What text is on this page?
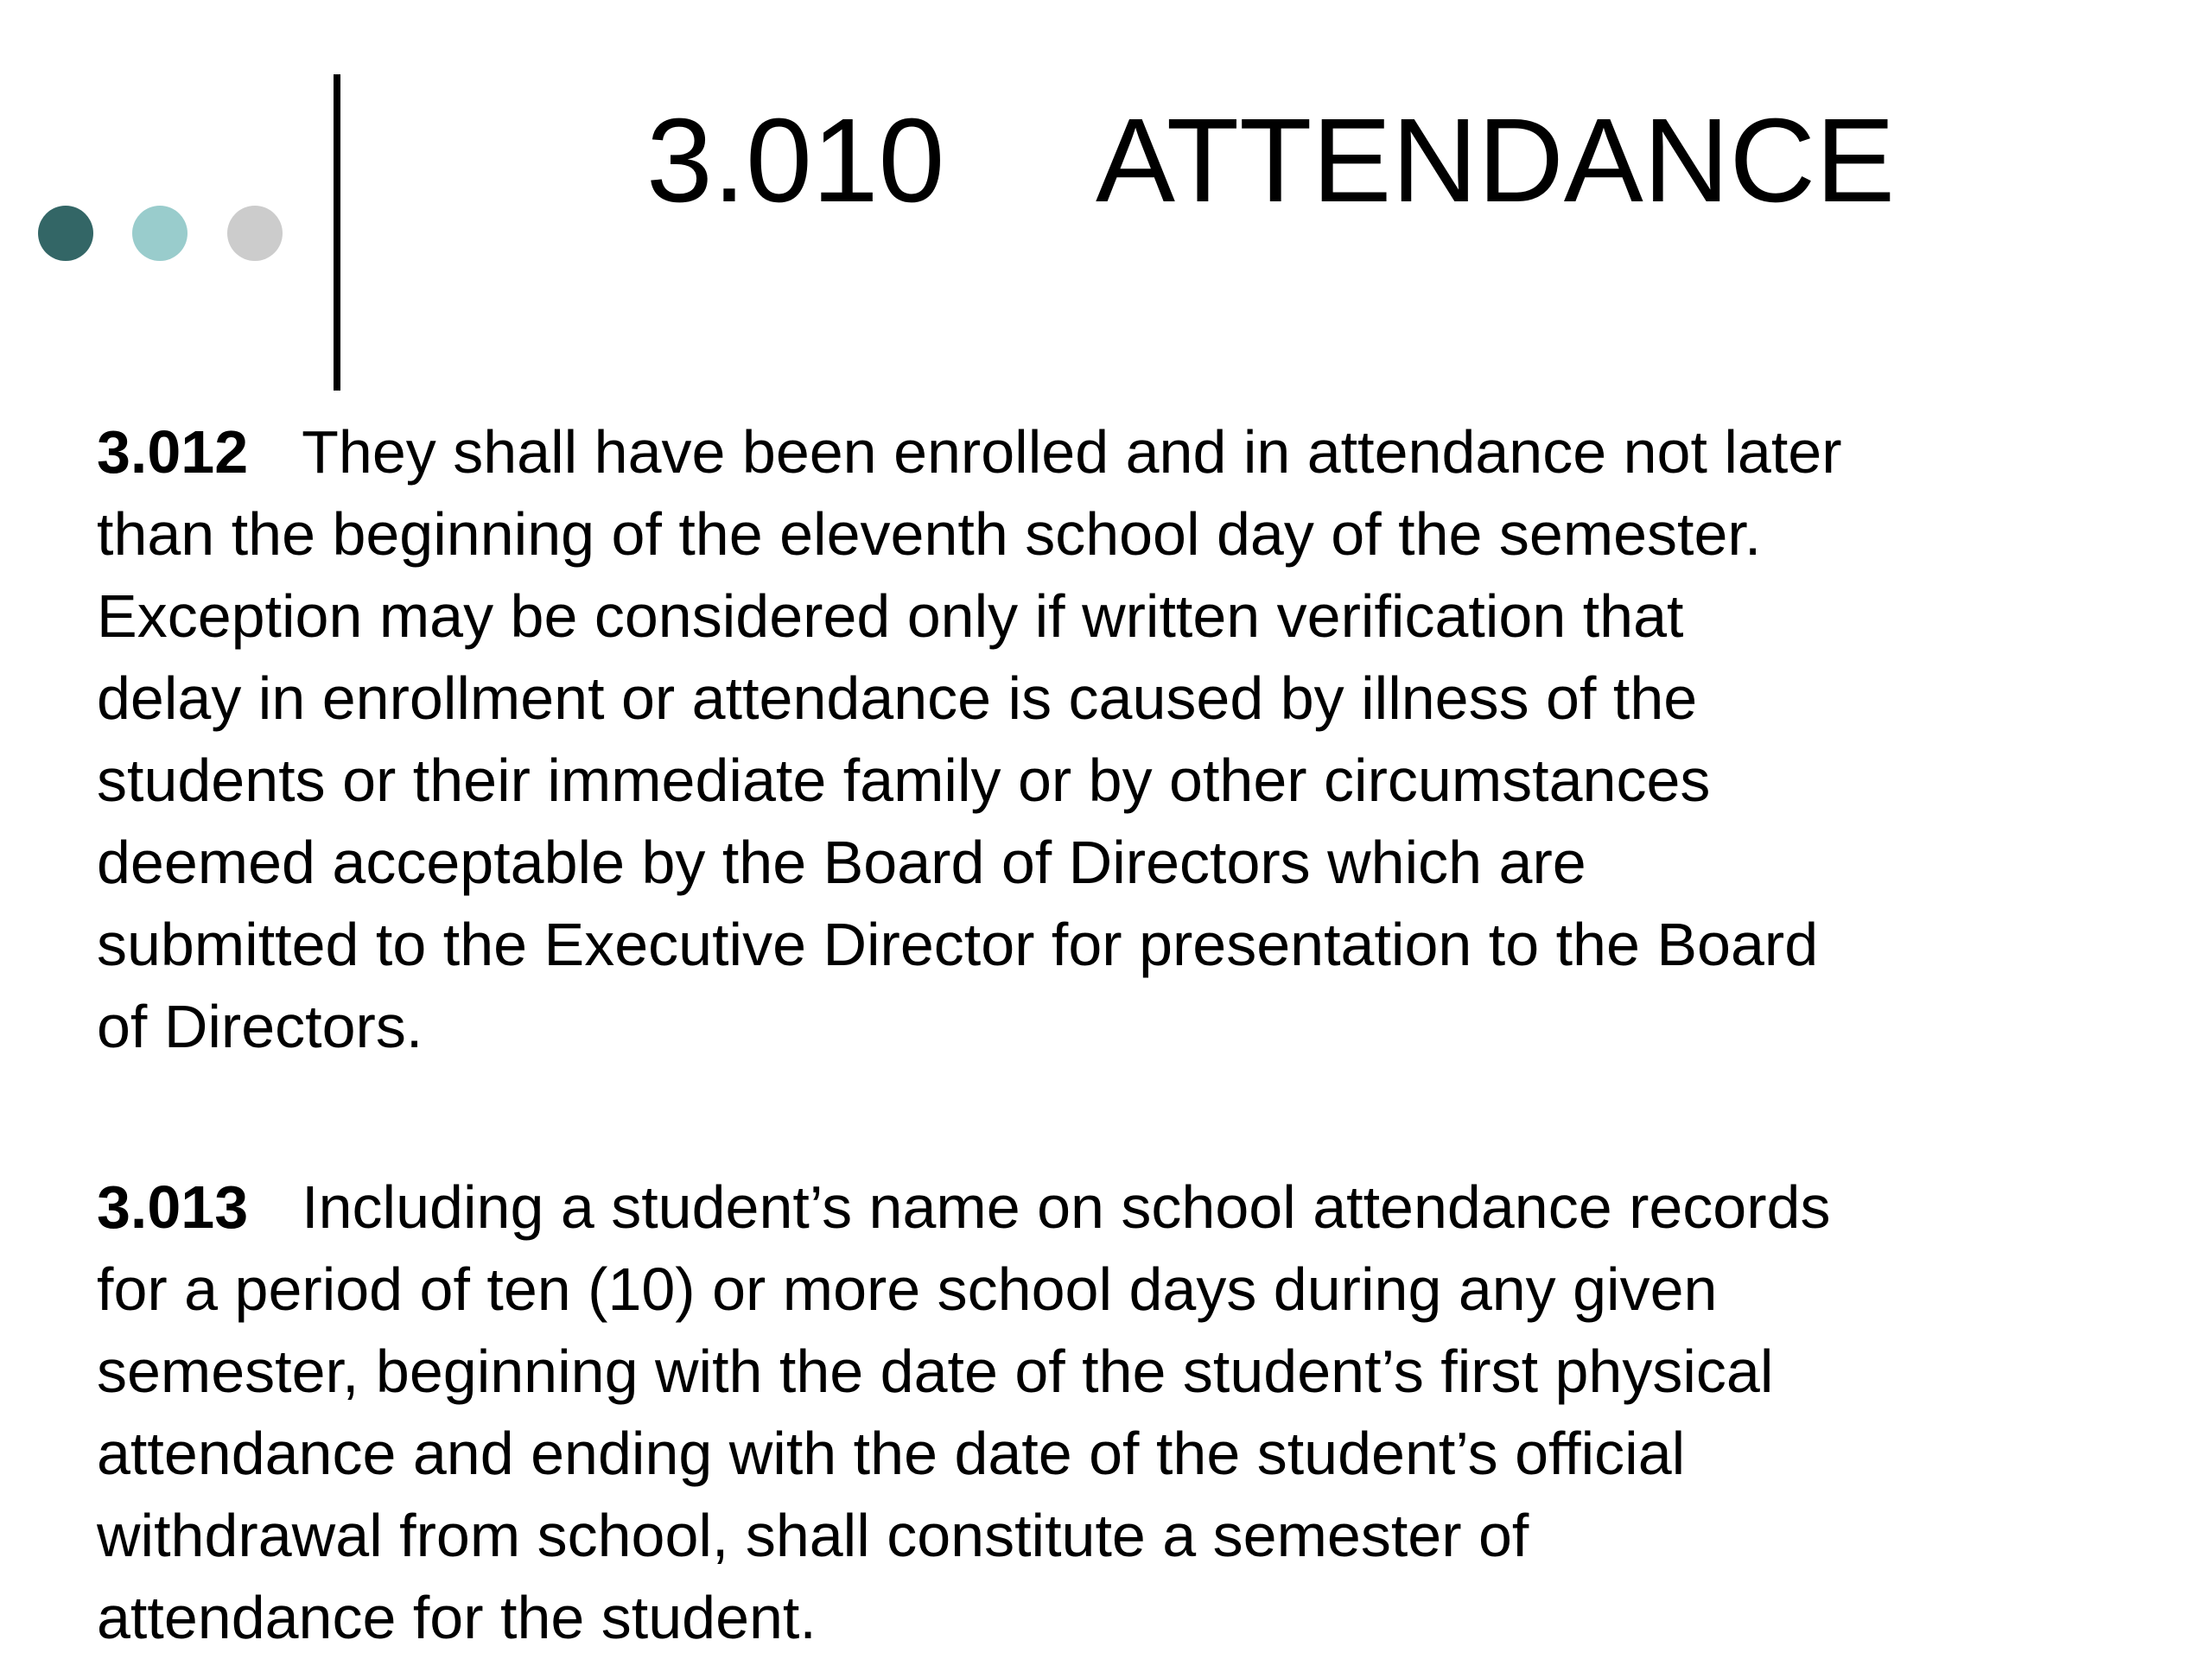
3.010 ATTENDANCE
3.012 They shall have been enrolled and in attendance not later
than the beginning of the eleventh school day of the semester.
Exception may be considered only if written verification that
delay in enrollment or attendance is caused by illness of the
students or their immediate family or by other circumstances
deemed acceptable by the Board of Directors which are
submitted to the Executive Director for presentation to the Board
of Directors.
3.013 Including a student’s name on school attendance records
for a period of ten (10) or more school days during any given
semester, beginning with the date of the student’s first physical
attendance and ending with the date of the student’s official
withdrawal from school, shall constitute a semester of
attendance for the student.
